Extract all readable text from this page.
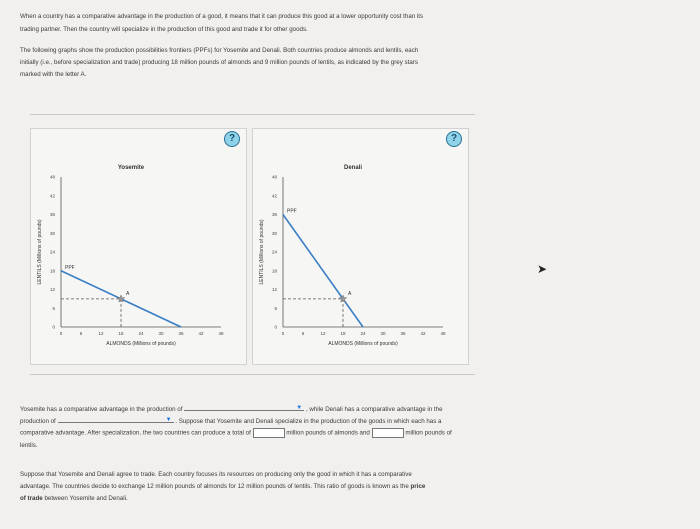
When a country has a comparative advantage in the production of a good, it means that it can produce this good at a lower opportunity cost than its
trading partner. Then the country will specialize in the production of this good and trade it for other goods.
The following graphs show the production possibilities frontiers (PPFs) for Yosemite and Denali. Both countries produce almonds and lentils, each
initially (i.e., before specialization and trade) producing 18 million pounds of almonds and 9 million pounds of lentils, as indicated by the grey stars
marked with the letter A.
?
Yosemite
0	6	12	18	24	30	36	42	48
0
6
12
18
24
30
36
42
48
ALMONDS (Millions of pounds)
LENTILS (Millions of pounds)	PPF
A
?
Denali
0	6	12	18	24	30	36	42	48
0
6
12
18
24
30
36
42
48
ALMONDS (Millions of pounds)
LENTILS (Millions of pounds)
PPF
A
Yosemite has a comparative advantage in the production of	▼ , while Denali has a comparative advantage in the
production of	▼ . Suppose that Yosemite and Denali specialize in the production of the goods in which each has a
comparative advantage. After specialization, the two countries can produce a total of	million pounds of almonds and	million pounds of
lentils.
Suppose that Yosemite and Denali agree to trade. Each country focuses its resources on producing only the good in which it has a comparative
advantage. The countries decide to exchange 12 million pounds of almonds for 12 million pounds of lentils. This ratio of goods is known as the price
of trade between Yosemite and Denali.
➤
